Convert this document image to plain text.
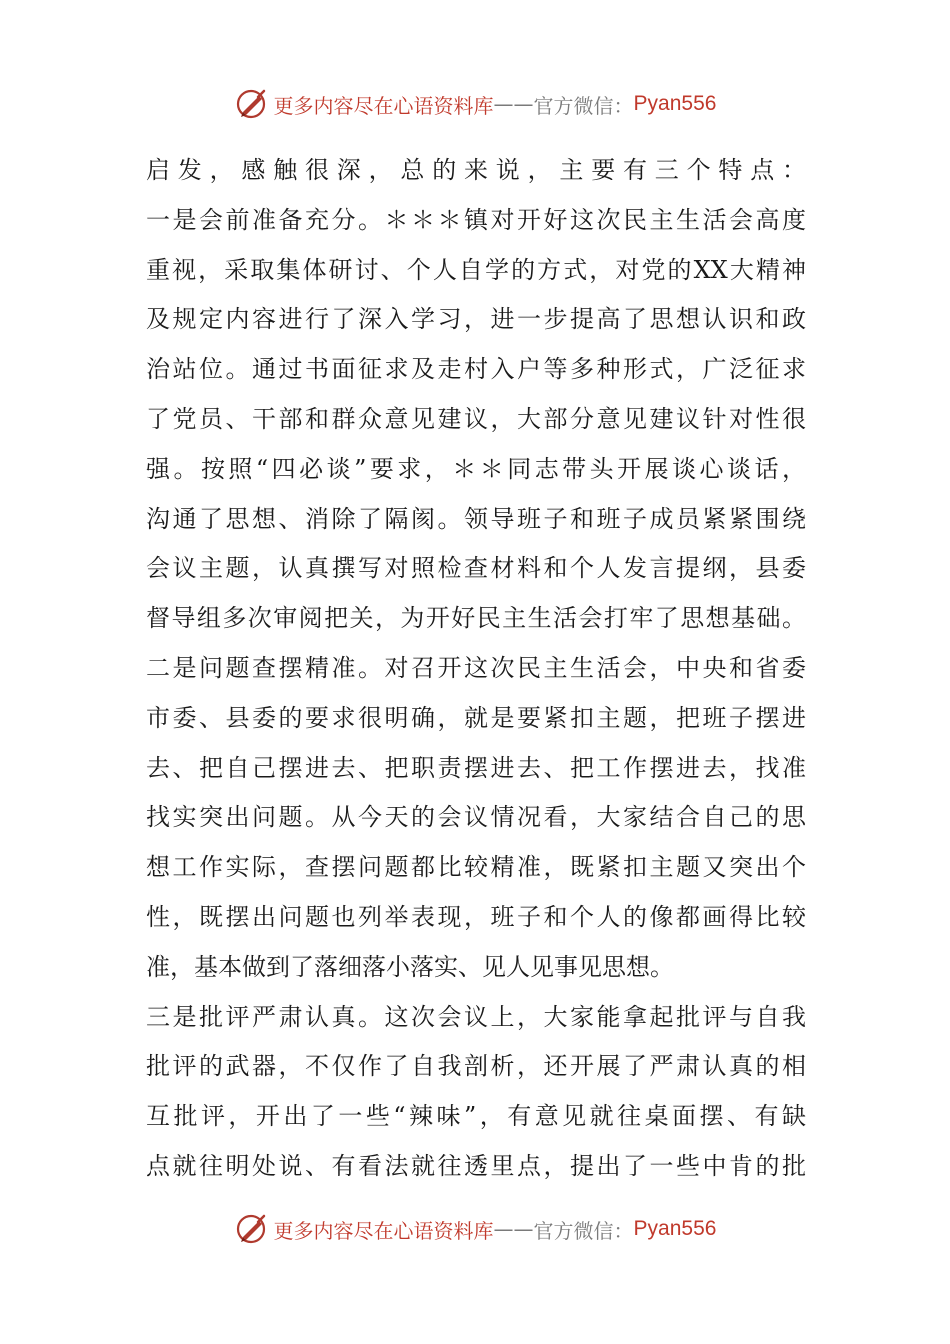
更多内容尽在心语资料库 —— 官方微信： Pyan556
启发，感触很深，总的来说，主要有三个特点：
一是会前准备充分。＊＊＊镇对开好这次民主生活会高度
重视，采取集体研讨、个人自学的方式，对党的XX大精神
及规定内容进行了深入学习，进一步提高了思想认识和政
治站位。通过书面征求及走村入户等多种形式，广泛征求
了党员、干部和群众意见建议，大部分意见建议针对性很
强。按照“四必谈”要求，＊＊同志带头开展谈心谈话，
沟通了思想、消除了隔阂。领导班子和班子成员紧紧围绕
会议主题，认真撰写对照检查材料和个人发言提纲，县委
督导组多次审阅把关，为开好民主生活会打牢了思想基础。
二是问题查摆精准。对召开这次民主生活会，中央和省委
市委、县委的要求很明确，就是要紧扣主题，把班子摆进
去、把自己摆进去、把职责摆进去、把工作摆进去，找准
找实突出问题。从今天的会议情况看，大家结合自己的思
想工作实际，查摆问题都比较精准，既紧扣主题又突出个
性，既摆出问题也列举表现，班子和个人的像都画得比较
准，基本做到了落细落小落实、见人见事见思想。
三是批评严肃认真。这次会议上，大家能拿起批评与自我
批评的武器，不仅作了自我剖析，还开展了严肃认真的相
互批评，开出了一些“辣味”，有意见就往桌面摆、有缺
点就往明处说、有看法就往透里点，提出了一些中肯的批
更多内容尽在心语资料库 —— 官方微信： Pyan556
